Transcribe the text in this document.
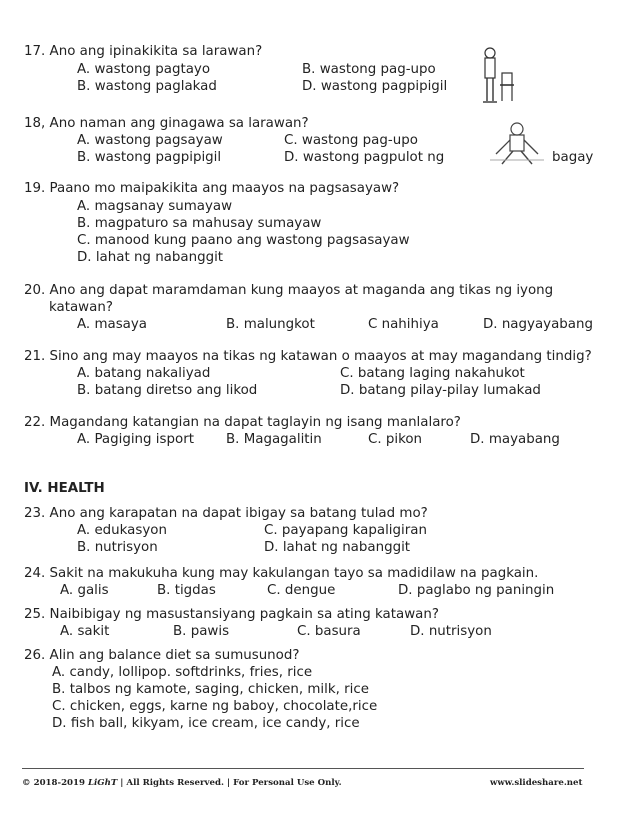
17. Ano ang ipinakikita sa larawan?
A. wastong pagtayo	B. wastong pag-upo
B. wastong paglakad	D. wastong pagpipigil
18, Ano naman ang ginagawa sa larawan?
A. wastong pagsayaw	C. wastong pag-upo
B. wastong pagpipigil	D. wastong pagpulot ng	bagay
19. Paano mo maipakikita ang maayos na pagsasayaw?
A. magsanay sumayaw
B. magpaturo sa mahusay sumayaw
C. manood kung paano ang wastong pagsasayaw
D. lahat ng nabanggit
20. Ano ang dapat maramdaman kung maayos at maganda ang tikas ng iyong
katawan?
A. masaya	B. malungkot	C nahihiya	D. nagyayabang
21. Sino ang may maayos na tikas ng katawan o maayos at may magandang tindig?
A. batang nakaliyad	C. batang laging nakahukot
B. batang diretso ang likod	D. batang pilay-pilay lumakad
22. Magandang katangian na dapat taglayin ng isang manlalaro?
A. Pagiging isport B. Magagalitin	C. pikon	D. mayabang
IV. HEALTH
23. Ano ang karapatan na dapat ibigay sa batang tulad mo?
A. edukasyon	C. payapang kapaligiran
B. nutrisyon	D. lahat ng nabanggit
24. Sakit na makukuha kung may kakulangan tayo sa madidilaw na pagkain.
A. galis	B. tigdas	C. dengue	D. paglabo ng paningin
25. Naibibigay ng masustansiyang pagkain sa ating katawan?
A. sakit	B. pawis	C. basura	D. nutrisyon
26. Alin ang balance diet sa sumusunod?
A. candy, lollipop. softdrinks, fries, rice
B. talbos ng kamote, saging, chicken, milk, rice
C. chicken, eggs, karne ng baboy, chocolate,rice
D. fish ball, kikyam, ice cream, ice candy, rice
© 2018-2019 LiGhT | All Rights Reserved. | For Personal Use Only.	www.slideshare.net
